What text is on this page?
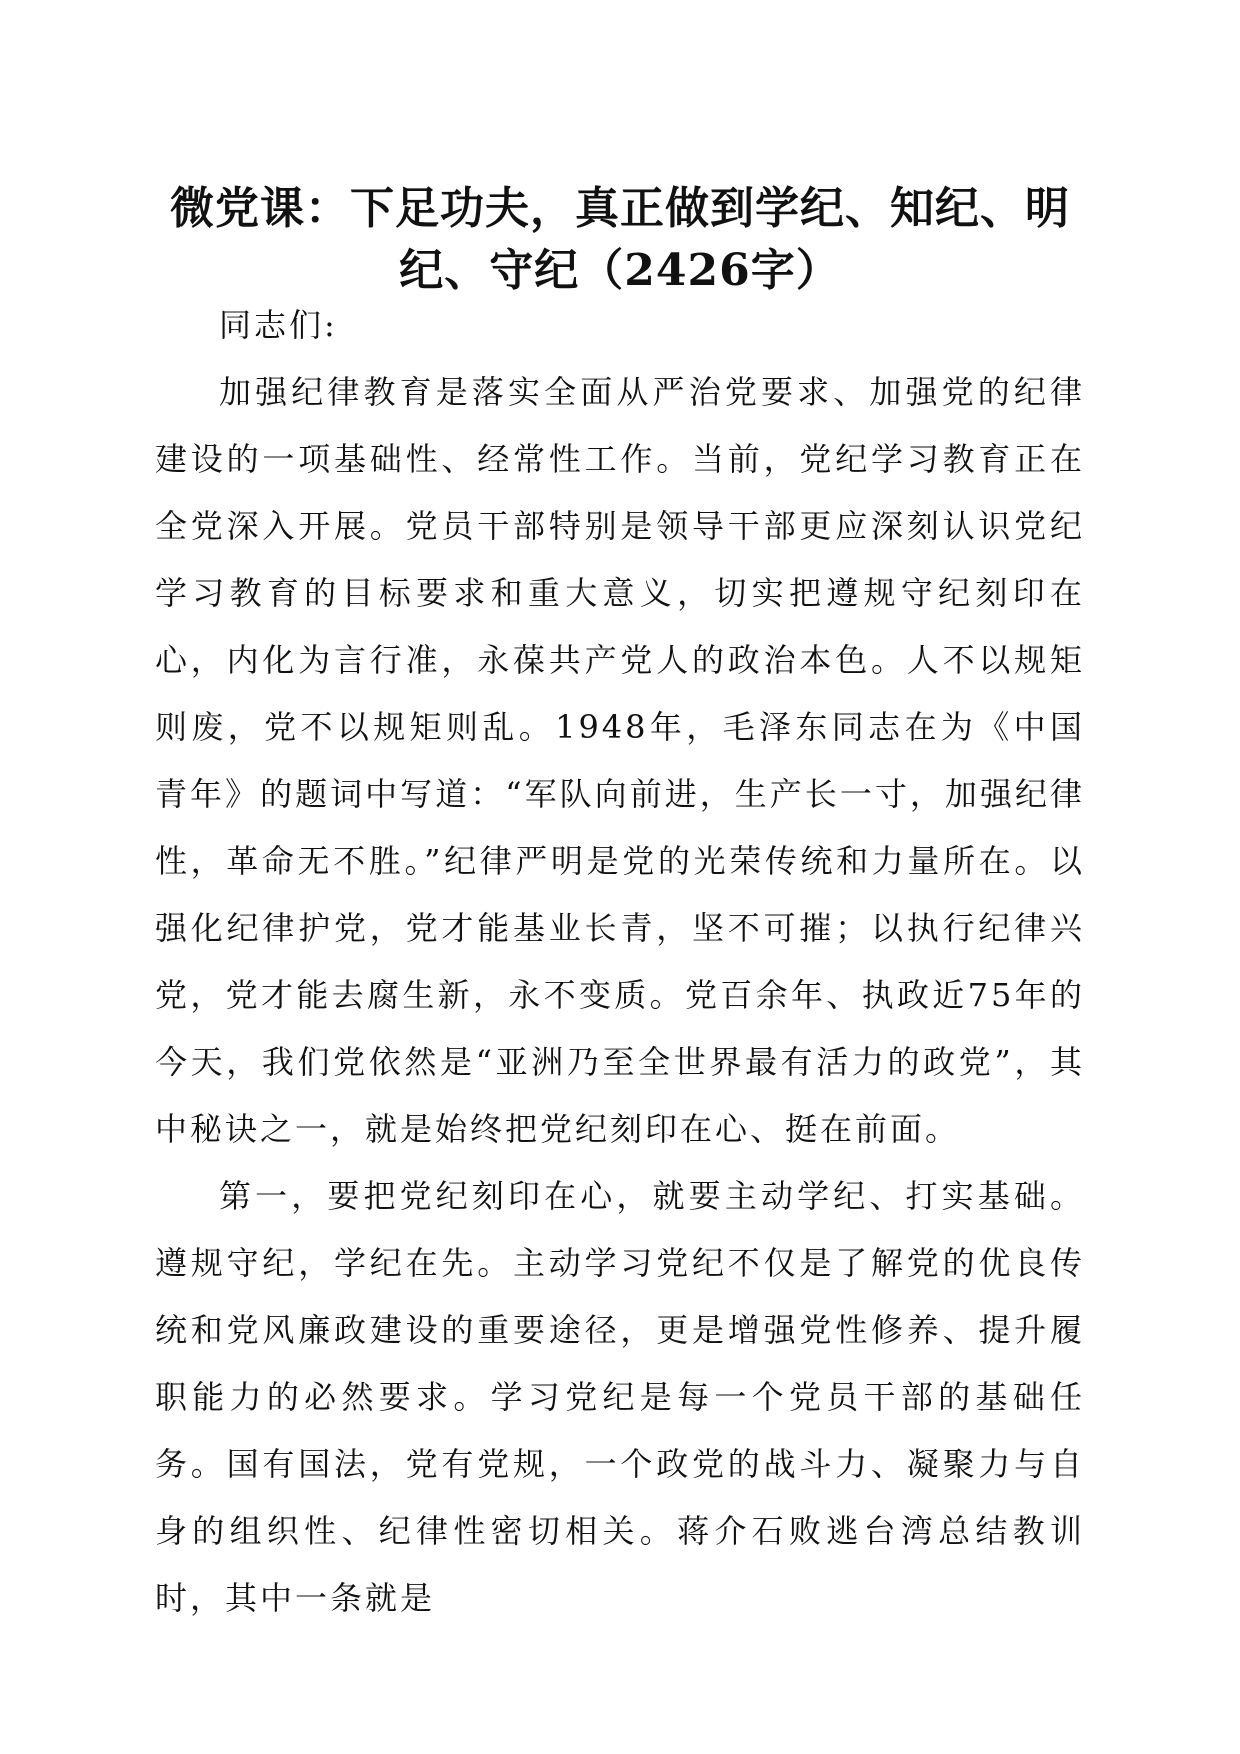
微党课：下足功夫，真正做到学纪、知纪、明
纪、守纪（2426字）

同志们:

加强纪律教育是落实全面从严治党要求、加强党的纪律建设的一项基础性、经常性工作。当前，党纪学习教育正在全党深入开展。党员干部特别是领导干部更应深刻认识党纪学习教育的目标要求和重大意义，切实把遵规守纪刻印在心，内化为言行准，永葆共产党人的政治本色。人不以规矩则废，党不以规矩则乱。1948年，毛泽东同志在为《中国青年》的题词中写道：“军队向前进，生产长一寸，加强纪律性，革命无不胜。”纪律严明是党的光荣传统和力量所在。以强化纪律护党，党才能基业长青，坚不可摧；以执行纪律兴党，党才能去腐生新，永不变质。党百余年、执政近75年的今天，我们党依然是“亚洲乃至全世界最有活力的政党”，其中秘诀之一，就是始终把党纪刻印在心、挺在前面。

第一，要把党纪刻印在心，就要主动学纪、打实基础。遵规守纪，学纪在先。主动学习党纪不仅是了解党的优良传统和党风廉政建设的重要途径，更是增强党性修养、提升履职能力的必然要求。学习党纪是每一个党员干部的基础任务。国有国法，党有党规，一个政党的战斗力、凝聚力与自身的组织性、纪律性密切相关。蒋介石败逃台湾总结教训时，其中一条就是
